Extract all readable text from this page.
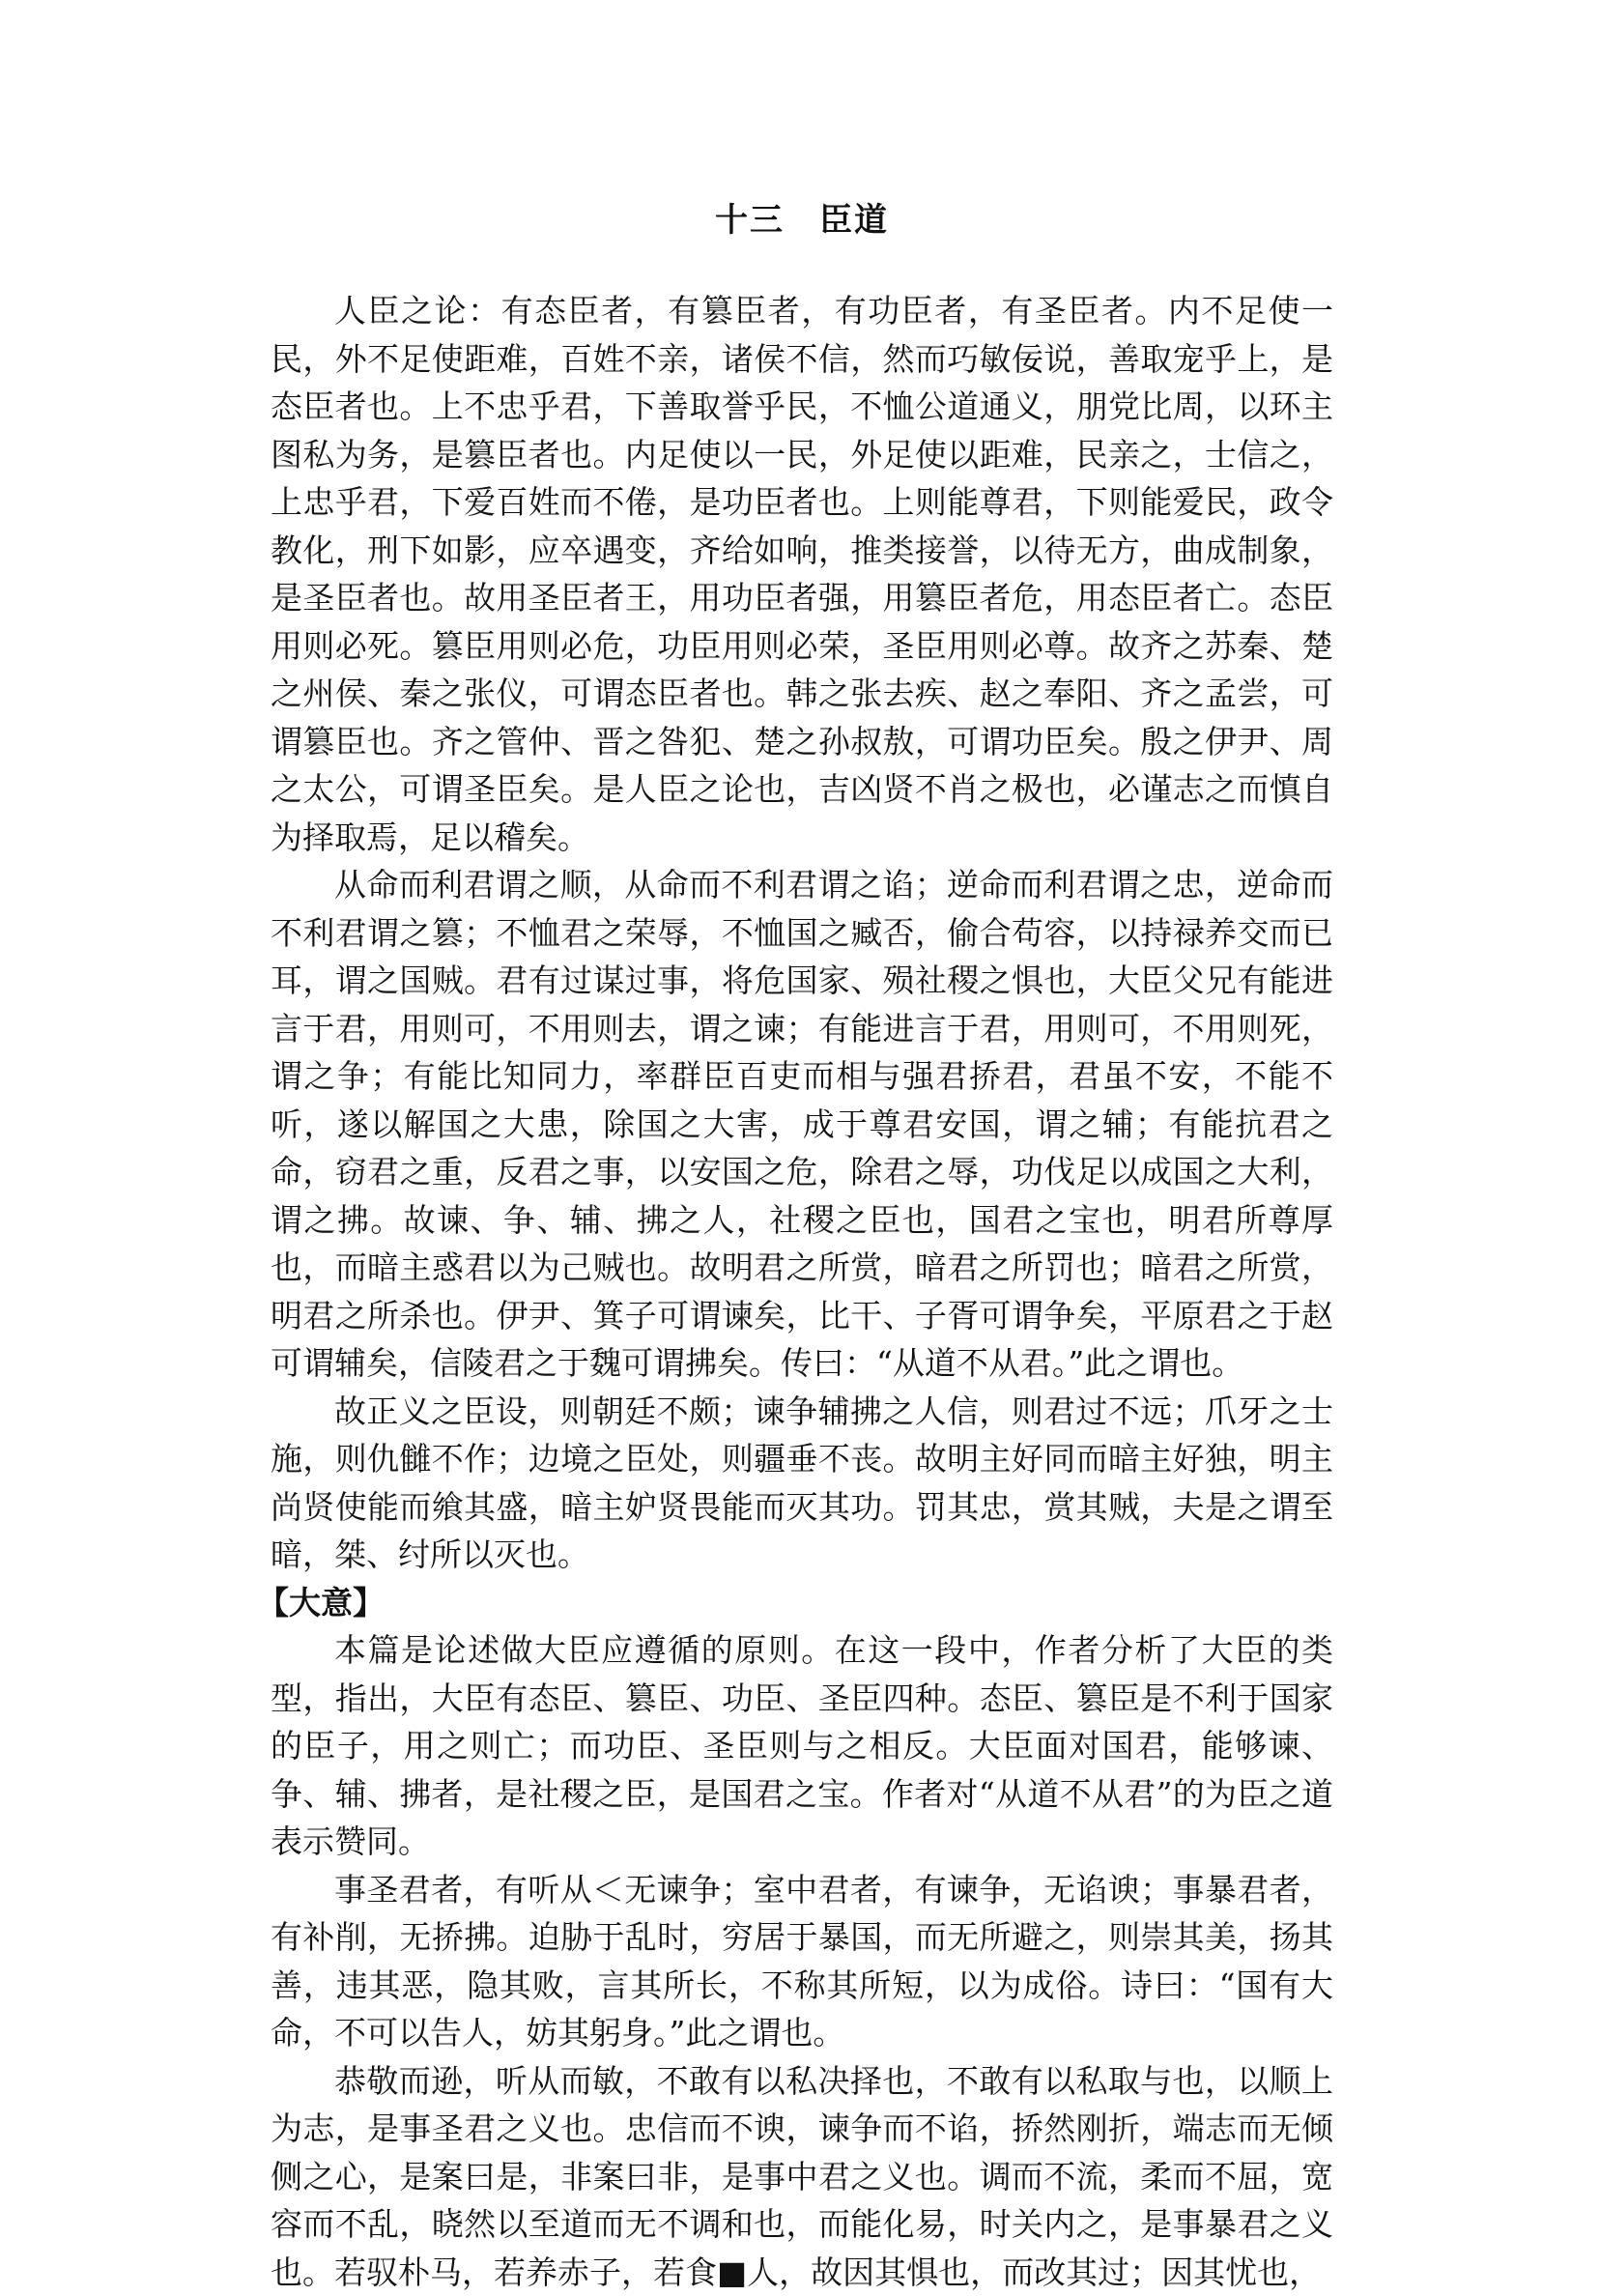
十三　臣道

人臣之论：有态臣者，有篡臣者，有功臣者，有圣臣者。内不足使一民，外不足使距难，百姓不亲，诸侯不信，然而巧敏佞说，善取宠乎上，是态臣者也。上不忠乎君，下善取誉乎民，不恤公道通义，朋党比周，以环主图私为务，是篡臣者也。内足使以一民，外足使以距难，民亲之，士信之，上忠乎君，下爱百姓而不倦，是功臣者也。上则能尊君，下则能爱民，政令教化，刑下如影，应卒遇变，齐给如响，推类接誉，以待无方，曲成制象，是圣臣者也。故用圣臣者王，用功臣者强，用篡臣者危，用态臣者亡。态臣用则必死。篡臣用则必危，功臣用则必荣，圣臣用则必尊。故齐之苏秦、楚之州侯、秦之张仪，可谓态臣者也。韩之张去疾、赵之奉阳、齐之孟尝，可谓篡臣也。齐之管仲、晋之咎犯、楚之孙叔敖，可谓功臣矣。殷之伊尹、周之太公，可谓圣臣矣。是人臣之论也，吉凶贤不肖之极也，必谨志之而慎自为择取焉，足以稽矣。

从命而利君谓之顺，从命而不利君谓之谄；逆命而利君谓之忠，逆命而不利君谓之篡；不恤君之荣辱，不恤国之臧否，偷合苟容，以持禄养交而已耳，谓之国贼。君有过谋过事，将危国家、殒社稷之惧也，大臣父兄有能进言于君，用则可，不用则去，谓之谏；有能进言于君，用则可，不用则死，谓之争；有能比知同力，率群臣百吏而相与强君挢君，君虽不安，不能不听，遂以解国之大患，除国之大害，成于尊君安国，谓之辅；有能抗君之命，窃君之重，反君之事，以安国之危，除君之辱，功伐足以成国之大利，谓之拂。故谏、争、辅、拂之人，社稷之臣也，国君之宝也，明君所尊厚也，而暗主惑君以为己贼也。故明君之所赏，暗君之所罚也；暗君之所赏，明君之所杀也。伊尹、箕子可谓谏矣，比干、子胥可谓争矣，平原君之于赵可谓辅矣，信陵君之于魏可谓拂矣。传曰：“从道不从君。”此之谓也。

故正义之臣设，则朝廷不颇；谏争辅拂之人信，则君过不远；爪牙之士施，则仇雠不作；边境之臣处，则疆垂不丧。故明主好同而暗主好独，明主尚贤使能而飨其盛，暗主妒贤畏能而灭其功。罚其忠，赏其贼，夫是之谓至暗，桀、纣所以灭也。

【大意】

本篇是论述做大臣应遵循的原则。在这一段中，作者分析了大臣的类型，指出，大臣有态臣、篡臣、功臣、圣臣四种。态臣、篡臣是不利于国家的臣子，用之则亡；而功臣、圣臣则与之相反。大臣面对国君，能够谏、争、辅、拂者，是社稷之臣，是国君之宝。作者对“从道不从君”的为臣之道表示赞同。

事圣君者，有听从＜无谏争；室中君者，有谏争，无谄谀；事暴君者，有补削，无挢拂。迫胁于乱时，穷居于暴国，而无所避之，则崇其美，扬其善，违其恶，隐其败，言其所长，不称其所短，以为成俗。诗曰：“国有大命，不可以告人，妨其躬身。”此之谓也。

恭敬而逊，听从而敏，不敢有以私决择也，不敢有以私取与也，以顺上为志，是事圣君之义也。忠信而不谀，谏争而不谄，挢然刚折，端志而无倾侧之心，是案曰是，非案曰非，是事中君之义也。调而不流，柔而不屈，宽容而不乱，晓然以至道而无不调和也，而能化易，时关内之，是事暴君之义也。若驭朴马，若养赤子，若食■人，故因其惧也，而改其过；因其忧也，
